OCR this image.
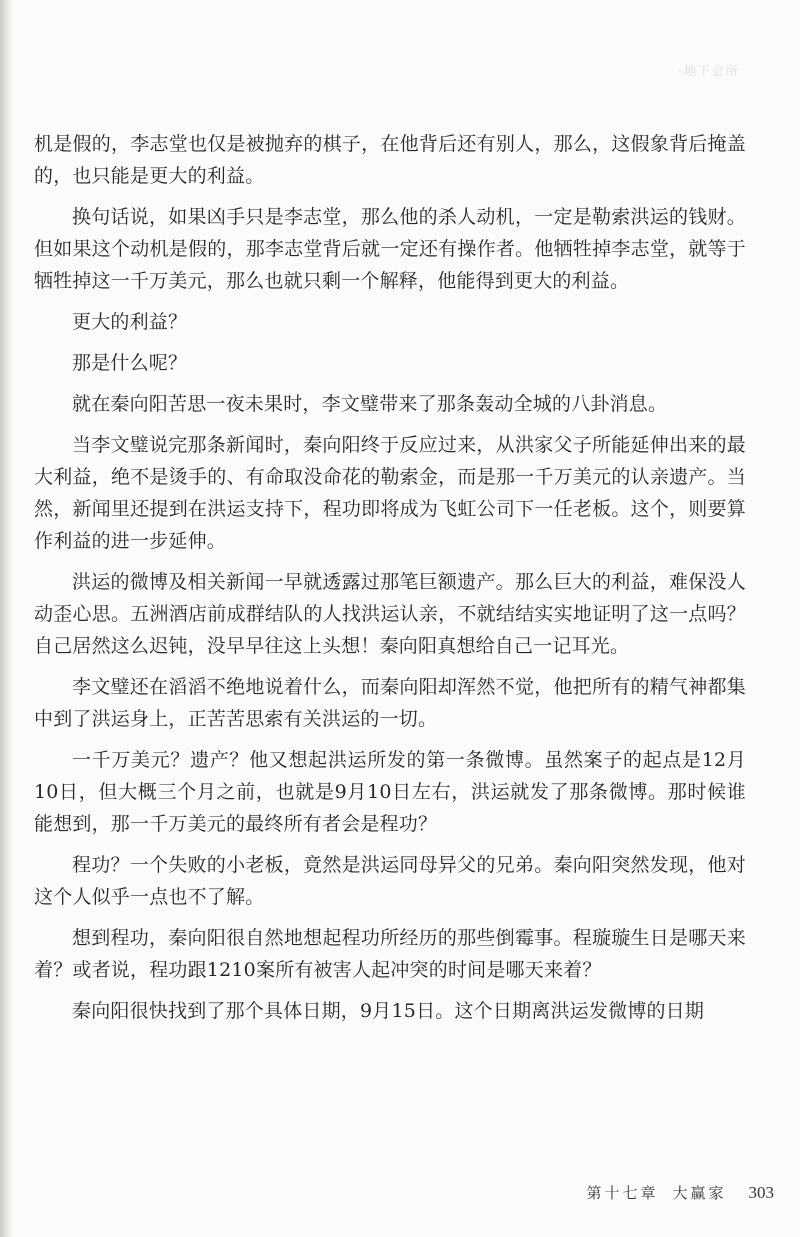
·地下会所

机是假的，李志堂也仅是被抛弃的棋子，在他背后还有别人，那么，这假象背后掩盖的，也只能是更大的利益。

换句话说，如果凶手只是李志堂，那么他的杀人动机，一定是勒索洪运的钱财。但如果这个动机是假的，那李志堂背后就一定还有操作者。他牺牲掉李志堂，就等于牺牲掉这一千万美元，那么也就只剩一个解释，他能得到更大的利益。

更大的利益？

那是什么呢？

就在秦向阳苦思一夜未果时，李文璧带来了那条轰动全城的八卦消息。

当李文璧说完那条新闻时，秦向阳终于反应过来，从洪家父子所能延伸出来的最大利益，绝不是烫手的、有命取没命花的勒索金，而是那一千万美元的认亲遗产。当然，新闻里还提到在洪运支持下，程功即将成为飞虹公司下一任老板。这个，则要算作利益的进一步延伸。

洪运的微博及相关新闻一早就透露过那笔巨额遗产。那么巨大的利益，难保没人动歪心思。五洲酒店前成群结队的人找洪运认亲，不就结结实实地证明了这一点吗？自己居然这么迟钝，没早早往这上头想！秦向阳真想给自己一记耳光。

李文璧还在滔滔不绝地说着什么，而秦向阳却浑然不觉，他把所有的精气神都集中到了洪运身上，正苦苦思索有关洪运的一切。

一千万美元？遗产？他又想起洪运所发的第一条微博。虽然案子的起点是12月10日，但大概三个月之前，也就是9月10日左右，洪运就发了那条微博。那时候谁能想到，那一千万美元的最终所有者会是程功？

程功？一个失败的小老板，竟然是洪运同母异父的兄弟。秦向阳突然发现，他对这个人似乎一点也不了解。

想到程功，秦向阳很自然地想起程功所经历的那些倒霉事。程璇璇生日是哪天来着？或者说，程功跟1210案所有被害人起冲突的时间是哪天来着？

秦向阳很快找到了那个具体日期，9月15日。这个日期离洪运发微博的日期

第十七章 大赢家 303
